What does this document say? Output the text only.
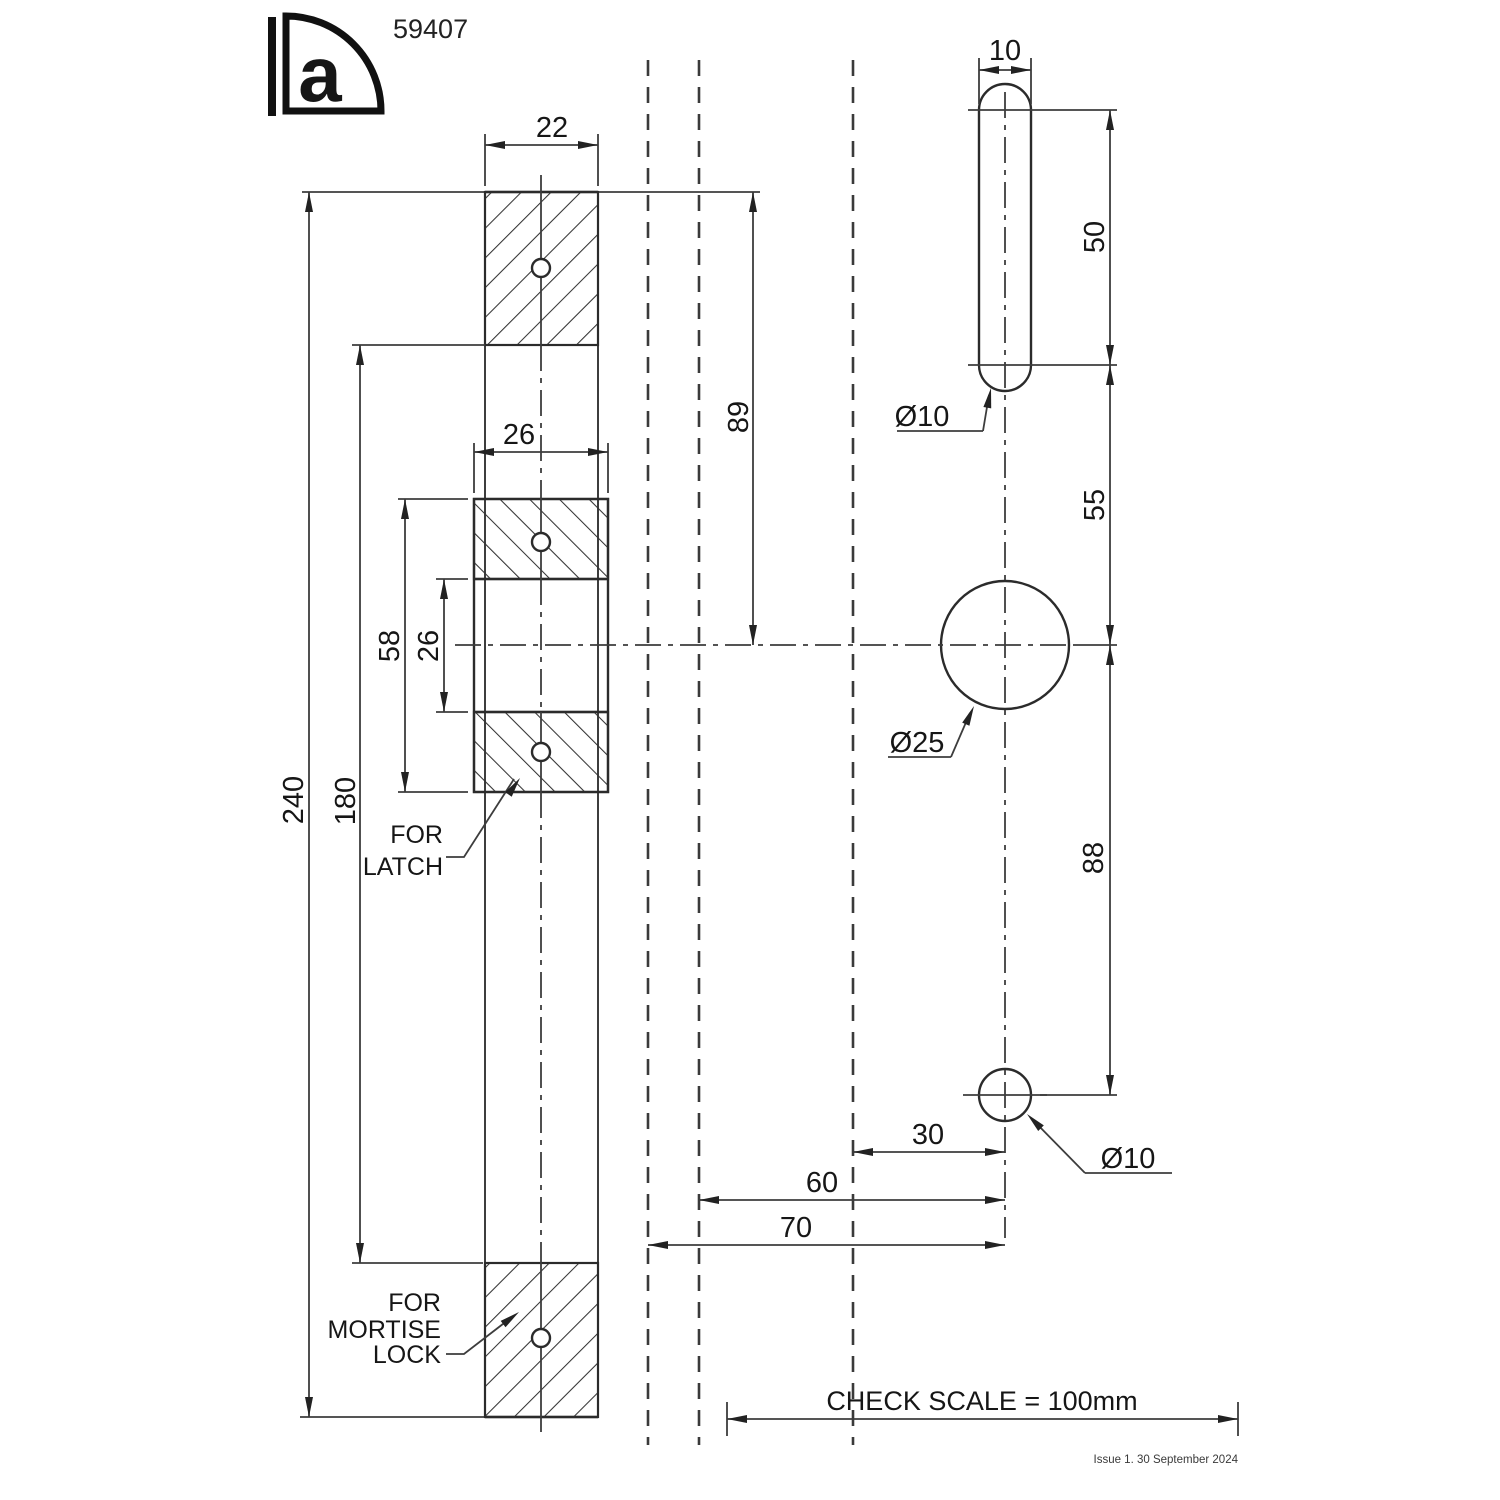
22
26
58 26
89
240 180
10
50
55
88
30
60
70
Ø10
Ø25
Ø10
FOR
LATCH
FOR
MORTISE
LOCK
CHECK SCALE = 100mm
Issue 1. 30 September 2024
a
59407
